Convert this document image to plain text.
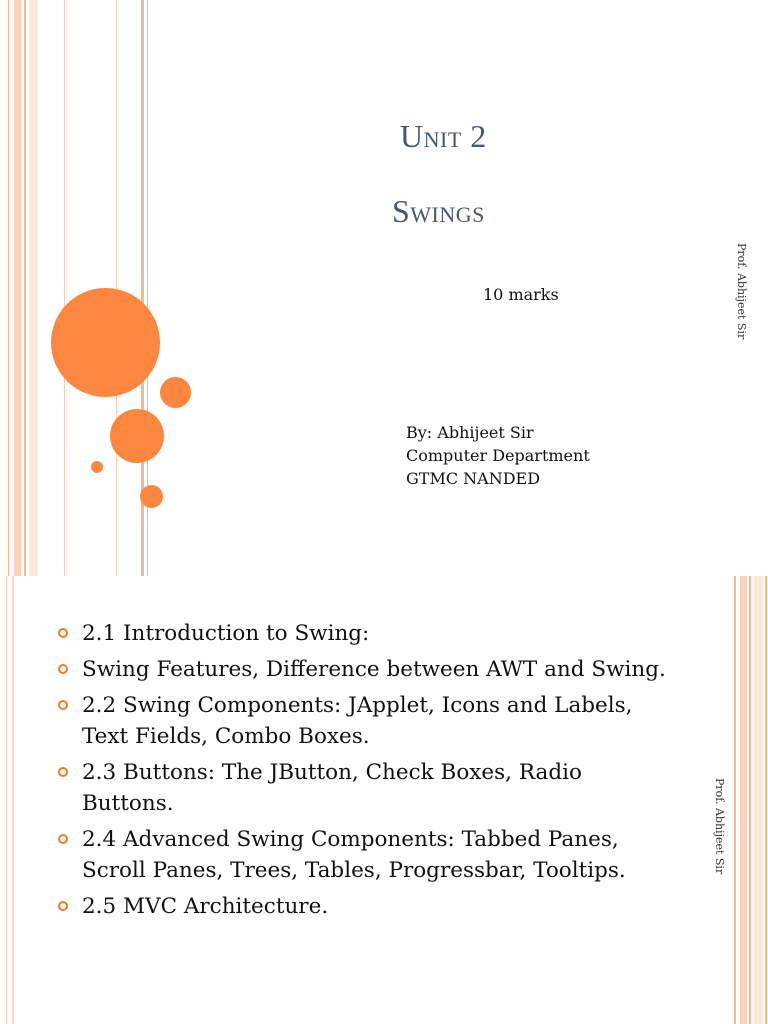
Unit 2
Swings
10 marks
By: Abhijeet Sir
Computer Department
GTMC NANDED
Prof. Abhijeet Sir
2.1 Introduction to Swing:
Swing Features, Difference between AWT and Swing.
2.2 Swing Components: JApplet, Icons and Labels, Text Fields, Combo Boxes.
2.3 Buttons: The JButton, Check Boxes, Radio Buttons.
2.4 Advanced Swing Components: Tabbed Panes, Scroll Panes, Trees, Tables, Progressbar, Tooltips.
2.5 MVC Architecture.
Prof. Abhijeet Sir
